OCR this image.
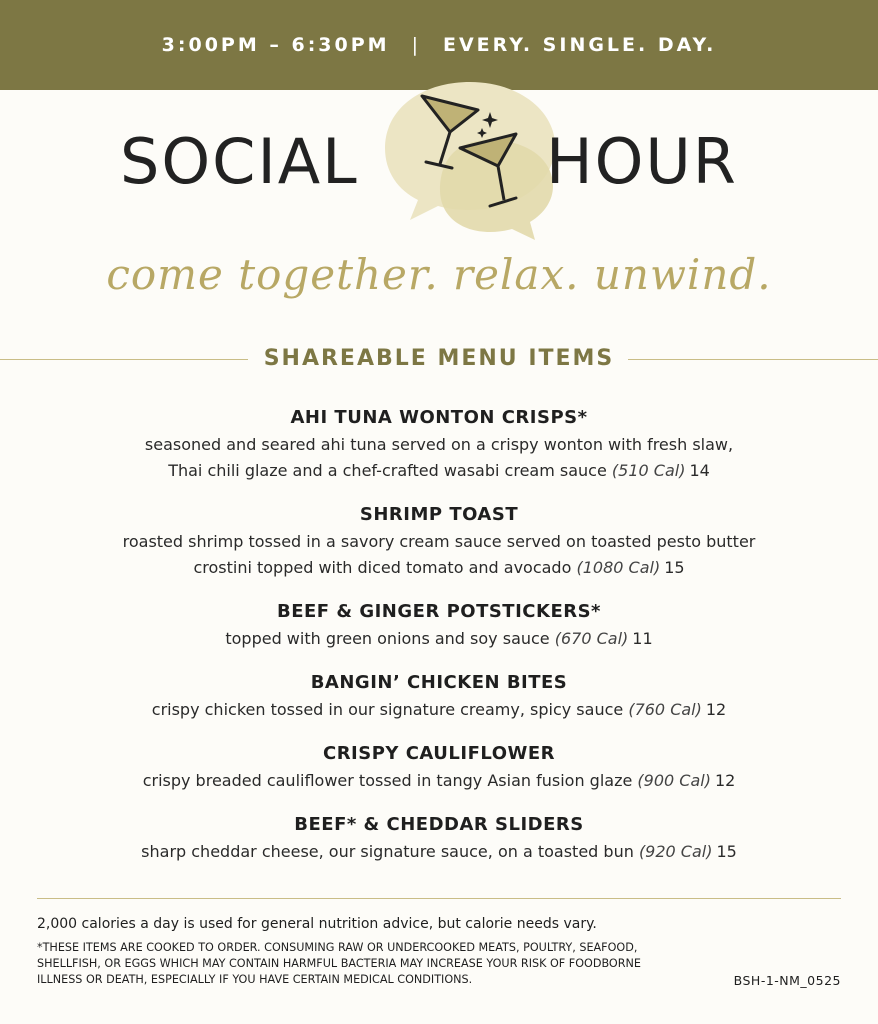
3:00PM – 6:30PM | EVERY. SINGLE. DAY.
SOCIAL	HOUR
come together. relax. unwind.
SHAREABLE MENU ITEMS
AHI TUNA WONTON CRISPS*
seasoned and seared ahi tuna served on a crispy wonton with fresh slaw,
Thai chili glaze and a chef-crafted wasabi cream sauce (510 Cal) 14
SHRIMP TOAST
roasted shrimp tossed in a savory cream sauce served on toasted pesto butter
crostini topped with diced tomato and avocado (1080 Cal) 15
BEEF & GINGER POTSTICKERS*
topped with green onions and soy sauce (670 Cal) 11
BANGIN’ CHICKEN BITES
crispy chicken tossed in our signature creamy, spicy sauce (760 Cal) 12
CRISPY CAULIFLOWER
crispy breaded cauliflower tossed in tangy Asian fusion glaze (900 Cal) 12
BEEF* & CHEDDAR SLIDERS
sharp cheddar cheese, our signature sauce, on a toasted bun (920 Cal) 15
2,000 calories a day is used for general nutrition advice, but calorie needs vary.
*THESE ITEMS ARE COOKED TO ORDER. CONSUMING RAW OR UNDERCOOKED MEATS, POULTRY, SEAFOOD,
SHELLFISH, OR EGGS WHICH MAY CONTAIN HARMFUL BACTERIA MAY INCREASE YOUR RISK OF FOODBORNE
ILLNESS OR DEATH, ESPECIALLY IF YOU HAVE CERTAIN MEDICAL CONDITIONS.	BSH-1-NM_0525
